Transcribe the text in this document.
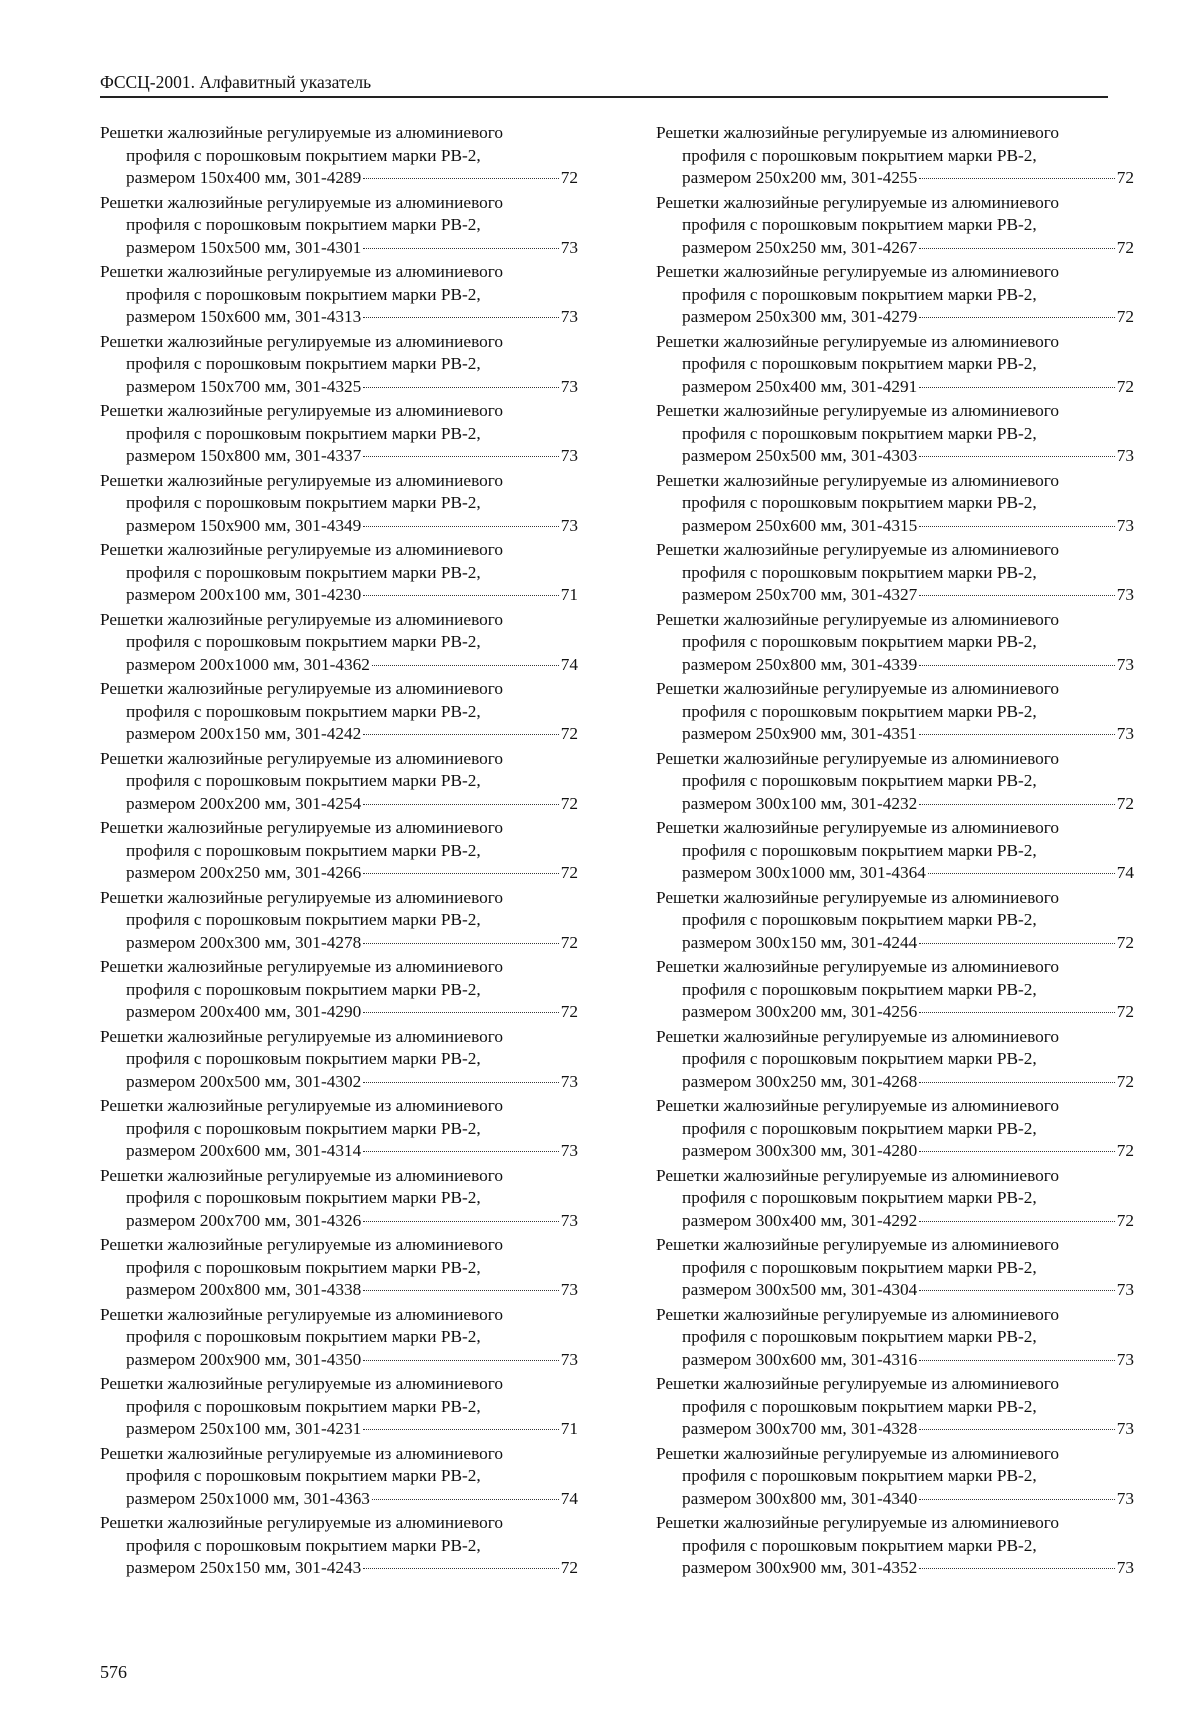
ФССЦ-2001. Алфавитный указатель
Решетки жалюзийные регулируемые из алюминиевого
профиля с порошковым покрытием марки РВ-2,
размером 150х400 мм, 301-4289	72
Решетки жалюзийные регулируемые из алюминиевого
профиля с порошковым покрытием марки РВ-2,
размером 150х500 мм, 301-4301	73
Решетки жалюзийные регулируемые из алюминиевого
профиля с порошковым покрытием марки РВ-2,
размером 150х600 мм, 301-4313	73
Решетки жалюзийные регулируемые из алюминиевого
профиля с порошковым покрытием марки РВ-2,
размером 150х700 мм, 301-4325	73
Решетки жалюзийные регулируемые из алюминиевого
профиля с порошковым покрытием марки РВ-2,
размером 150х800 мм, 301-4337	73
Решетки жалюзийные регулируемые из алюминиевого
профиля с порошковым покрытием марки РВ-2,
размером 150х900 мм, 301-4349	73
Решетки жалюзийные регулируемые из алюминиевого
профиля с порошковым покрытием марки РВ-2,
размером 200х100 мм, 301-4230	71
Решетки жалюзийные регулируемые из алюминиевого
профиля с порошковым покрытием марки РВ-2,
размером 200х1000 мм, 301-4362	74
Решетки жалюзийные регулируемые из алюминиевого
профиля с порошковым покрытием марки РВ-2,
размером 200х150 мм, 301-4242	72
Решетки жалюзийные регулируемые из алюминиевого
профиля с порошковым покрытием марки РВ-2,
размером 200х200 мм, 301-4254	72
Решетки жалюзийные регулируемые из алюминиевого
профиля с порошковым покрытием марки РВ-2,
размером 200х250 мм, 301-4266	72
Решетки жалюзийные регулируемые из алюминиевого
профиля с порошковым покрытием марки РВ-2,
размером 200х300 мм, 301-4278	72
Решетки жалюзийные регулируемые из алюминиевого
профиля с порошковым покрытием марки РВ-2,
размером 200х400 мм, 301-4290	72
Решетки жалюзийные регулируемые из алюминиевого
профиля с порошковым покрытием марки РВ-2,
размером 200х500 мм, 301-4302	73
Решетки жалюзийные регулируемые из алюминиевого
профиля с порошковым покрытием марки РВ-2,
размером 200х600 мм, 301-4314	73
Решетки жалюзийные регулируемые из алюминиевого
профиля с порошковым покрытием марки РВ-2,
размером 200х700 мм, 301-4326	73
Решетки жалюзийные регулируемые из алюминиевого
профиля с порошковым покрытием марки РВ-2,
размером 200х800 мм, 301-4338	73
Решетки жалюзийные регулируемые из алюминиевого
профиля с порошковым покрытием марки РВ-2,
размером 200х900 мм, 301-4350	73
Решетки жалюзийные регулируемые из алюминиевого
профиля с порошковым покрытием марки РВ-2,
размером 250х100 мм, 301-4231	71
Решетки жалюзийные регулируемые из алюминиевого
профиля с порошковым покрытием марки РВ-2,
размером 250х1000 мм, 301-4363	74
Решетки жалюзийные регулируемые из алюминиевого
профиля с порошковым покрытием марки РВ-2,
размером 250х150 мм, 301-4243	72
Решетки жалюзийные регулируемые из алюминиевого
профиля с порошковым покрытием марки РВ-2,
размером 250х200 мм, 301-4255	72
Решетки жалюзийные регулируемые из алюминиевого
профиля с порошковым покрытием марки РВ-2,
размером 250х250 мм, 301-4267	72
Решетки жалюзийные регулируемые из алюминиевого
профиля с порошковым покрытием марки РВ-2,
размером 250х300 мм, 301-4279	72
Решетки жалюзийные регулируемые из алюминиевого
профиля с порошковым покрытием марки РВ-2,
размером 250х400 мм, 301-4291	72
Решетки жалюзийные регулируемые из алюминиевого
профиля с порошковым покрытием марки РВ-2,
размером 250х500 мм, 301-4303	73
Решетки жалюзийные регулируемые из алюминиевого
профиля с порошковым покрытием марки РВ-2,
размером 250х600 мм, 301-4315	73
Решетки жалюзийные регулируемые из алюминиевого
профиля с порошковым покрытием марки РВ-2,
размером 250х700 мм, 301-4327	73
Решетки жалюзийные регулируемые из алюминиевого
профиля с порошковым покрытием марки РВ-2,
размером 250х800 мм, 301-4339	73
Решетки жалюзийные регулируемые из алюминиевого
профиля с порошковым покрытием марки РВ-2,
размером 250х900 мм, 301-4351	73
Решетки жалюзийные регулируемые из алюминиевого
профиля с порошковым покрытием марки РВ-2,
размером 300х100 мм, 301-4232	72
Решетки жалюзийные регулируемые из алюминиевого
профиля с порошковым покрытием марки РВ-2,
размером 300х1000 мм, 301-4364	74
Решетки жалюзийные регулируемые из алюминиевого
профиля с порошковым покрытием марки РВ-2,
размером 300х150 мм, 301-4244	72
Решетки жалюзийные регулируемые из алюминиевого
профиля с порошковым покрытием марки РВ-2,
размером 300х200 мм, 301-4256	72
Решетки жалюзийные регулируемые из алюминиевого
профиля с порошковым покрытием марки РВ-2,
размером 300х250 мм, 301-4268	72
Решетки жалюзийные регулируемые из алюминиевого
профиля с порошковым покрытием марки РВ-2,
размером 300х300 мм, 301-4280	72
Решетки жалюзийные регулируемые из алюминиевого
профиля с порошковым покрытием марки РВ-2,
размером 300х400 мм, 301-4292	72
Решетки жалюзийные регулируемые из алюминиевого
профиля с порошковым покрытием марки РВ-2,
размером 300х500 мм, 301-4304	73
Решетки жалюзийные регулируемые из алюминиевого
профиля с порошковым покрытием марки РВ-2,
размером 300х600 мм, 301-4316	73
Решетки жалюзийные регулируемые из алюминиевого
профиля с порошковым покрытием марки РВ-2,
размером 300х700 мм, 301-4328	73
Решетки жалюзийные регулируемые из алюминиевого
профиля с порошковым покрытием марки РВ-2,
размером 300х800 мм, 301-4340	73
Решетки жалюзийные регулируемые из алюминиевого
профиля с порошковым покрытием марки РВ-2,
размером 300х900 мм, 301-4352	73
576
